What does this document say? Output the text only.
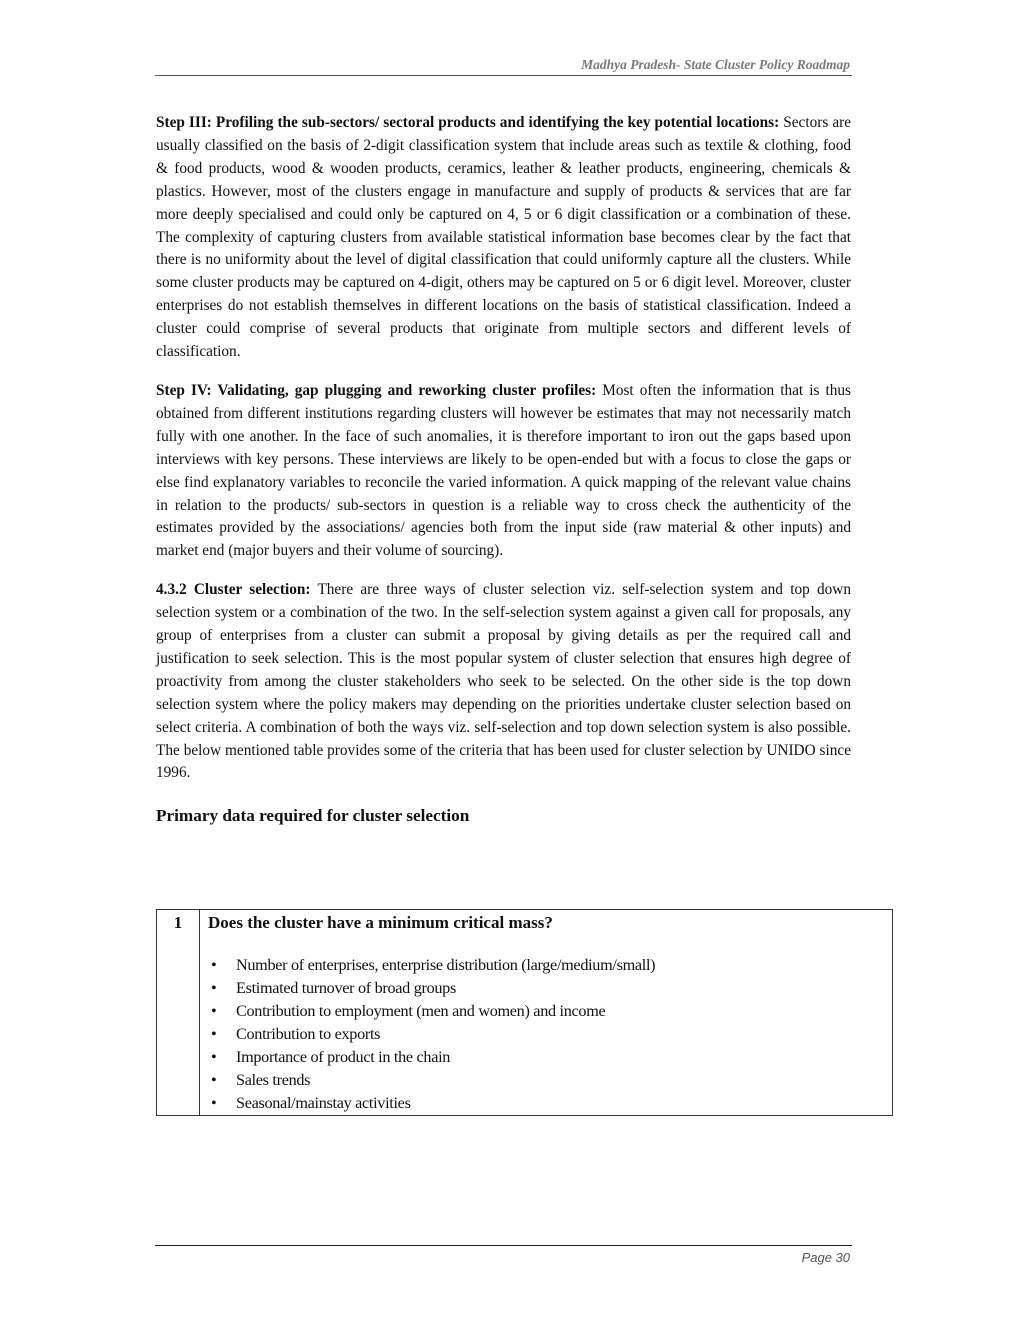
Madhya Pradesh- State Cluster Policy Roadmap

Step III: Profiling the sub-sectors/ sectoral products and identifying the key potential locations: Sectors are usually classified on the basis of 2-digit classification system that include areas such as textile & clothing, food & food products, wood & wooden products, ceramics, leather & leather products, engineering, chemicals & plastics. However, most of the clusters engage in manufacture and supply of products & services that are far more deeply specialised and could only be captured on 4, 5 or 6 digit classification or a combination of these. The complexity of capturing clusters from available statistical information base becomes clear by the fact that there is no uniformity about the level of digital classification that could uniformly capture all the clusters. While some cluster products may be captured on 4-digit, others may be captured on 5 or 6 digit level. Moreover, cluster enterprises do not establish themselves in different locations on the basis of statistical classification. Indeed a cluster could comprise of several products that originate from multiple sectors and different levels of classification.

Step IV: Validating, gap plugging and reworking cluster profiles: Most often the information that is thus obtained from different institutions regarding clusters will however be estimates that may not necessarily match fully with one another. In the face of such anomalies, it is therefore important to iron out the gaps based upon interviews with key persons. These interviews are likely to be open-ended but with a focus to close the gaps or else find explanatory variables to reconcile the varied information. A quick mapping of the relevant value chains in relation to the products/ sub-sectors in question is a reliable way to cross check the authenticity of the estimates provided by the associations/ agencies both from the input side (raw material & other inputs) and market end (major buyers and their volume of sourcing).

4.3.2 Cluster selection: There are three ways of cluster selection viz. self-selection system and top down selection system or a combination of the two. In the self-selection system against a given call for proposals, any group of enterprises from a cluster can submit a proposal by giving details as per the required call and justification to seek selection. This is the most popular system of cluster selection that ensures high degree of proactivity from among the cluster stakeholders who seek to be selected. On the other side is the top down selection system where the policy makers may depending on the priorities undertake cluster selection based on select criteria. A combination of both the ways viz. self-selection and top down selection system is also possible. The below mentioned table provides some of the criteria that has been used for cluster selection by UNIDO since 1996.

Primary data required for cluster selection
1	Does the cluster have a minimum critical mass?
• Number of enterprises, enterprise distribution (large/medium/small)
• Estimated turnover of broad groups
• Contribution to employment (men and women) and income
• Contribution to exports
• Importance of product in the chain
• Sales trends
• Seasonal/mainstay activities
Page 30
